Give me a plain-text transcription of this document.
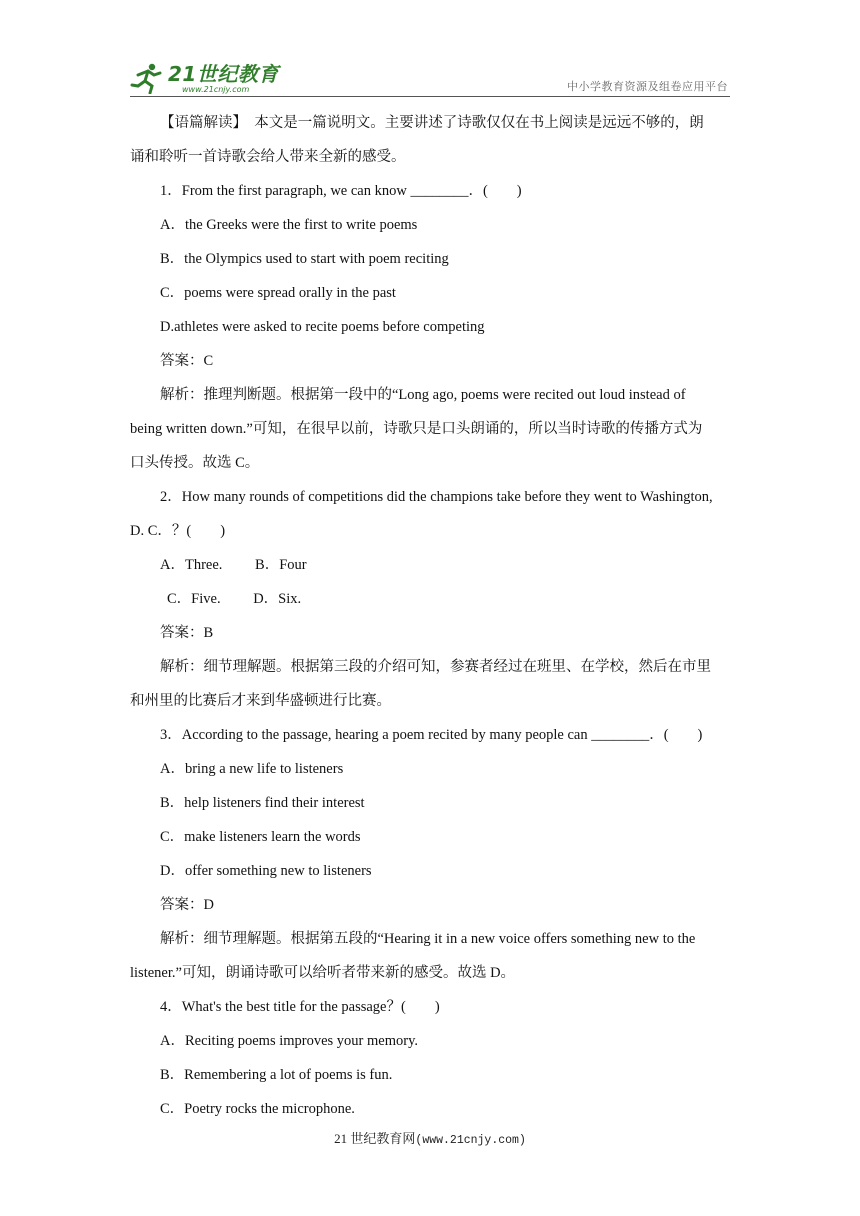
21世纪教育
www.21cnjy.com	中小学教育资源及组卷应用平台
【语篇解读】　本文是一篇说明文。主要讲述了诗歌仅仅在书上阅读是远远不够的，朗
诵和聆听一首诗歌会给人带来全新的感受。
1．From the first paragraph, we can know ________．(　　)
A．the Greeks were the first to write poems
B．the Olympics used to start with poem reciting
C．poems were spread orally in the past
D.athletes were asked to recite poems before competing
答案：C
解析：推理判断题。根据第一段中的“Long ago, poems were recited out loud instead of
being written down.”可知，在很早以前，诗歌只是口头朗诵的，所以当时诗歌的传播方式为
口头传授。故选 C。
2．How many rounds of competitions did the champions take before they went to Washington,
D. C．？(　　)
A．Three.　　 B．Four
C．Five.　　 D．Six.
答案：B
解析：细节理解题。根据第三段的介绍可知，参赛者经过在班里、在学校，然后在市里
和州里的比赛后才来到华盛顿进行比赛。
3．According to the passage, hearing a poem recited by many people can ________．(　　)
A．bring a new life to listeners
B．help listeners find their interest
C．make listeners learn the words
D．offer something new to listeners
答案：D
解析：细节理解题。根据第五段的“Hearing it in a new voice offers something new to the
listener.”可知，朗诵诗歌可以给听者带来新的感受。故选 D。
4．What's the best title for the passage？(　　)
A．Reciting poems improves your memory.
B．Remembering a lot of poems is fun.
C．Poetry rocks the microphone.
21 世纪教育网(www.21cnjy.com)
